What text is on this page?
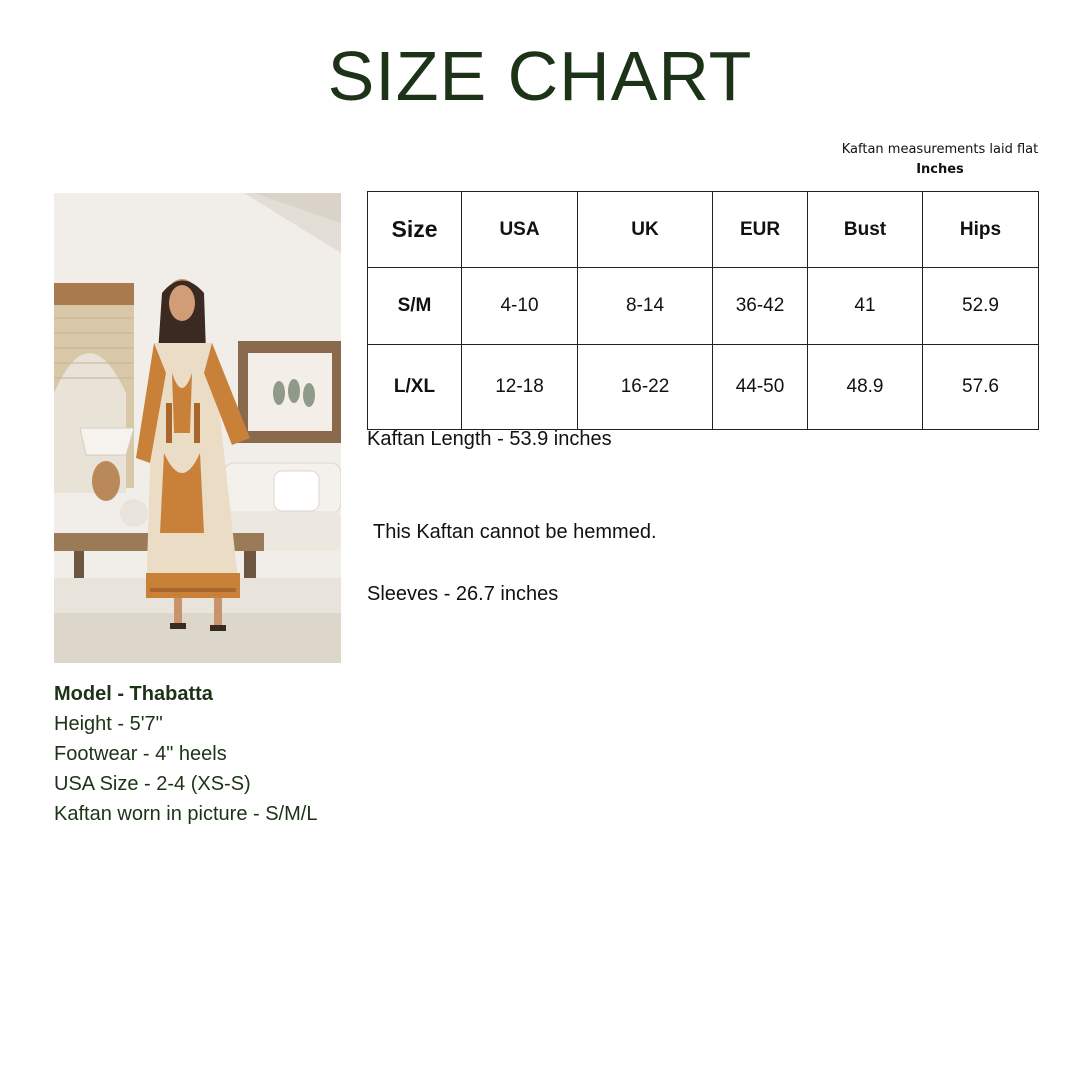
SIZE CHART
Kaftan measurements laid flat
Inches
Model - Thabatta
Height - 5'7"
Footwear - 4" heels
USA Size - 2-4 (XS-S)
Kaftan worn in picture - S/M/L
Size	USA	UK	EUR	Bust	Hips
S/M	4-10	8-14	36-42	41	52.9
L/XL	12-18	16-22	44-50	48.9	57.6
Kaftan Length - 53.9 inches
This Kaftan cannot be hemmed.
Sleeves - 26.7 inches
